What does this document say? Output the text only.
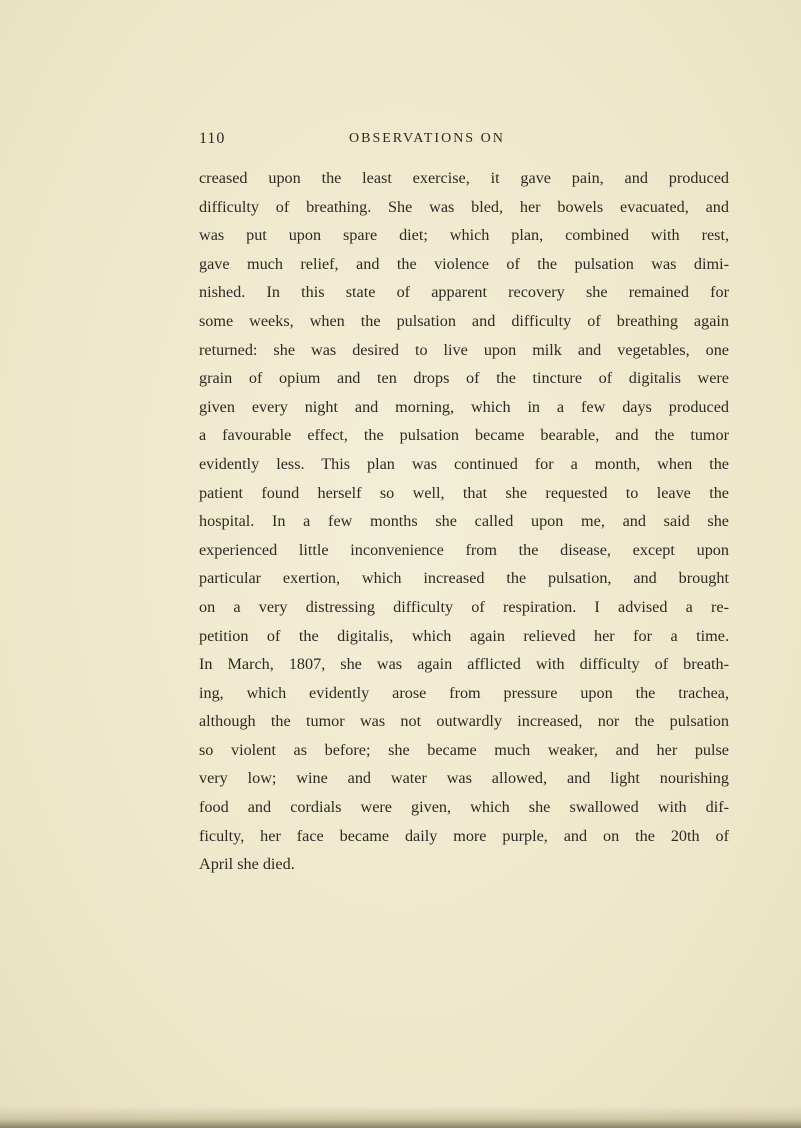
110	OBSERVATIONS ON
creased upon the least exercise, it gave pain, and produced
difficulty of breathing. She was bled, her bowels evacuated, and
was put upon spare diet; which plan, combined with rest,
gave much relief, and the violence of the pulsation was dimi-
nished. In this state of apparent recovery she remained for
some weeks, when the pulsation and difficulty of breathing again
returned: she was desired to live upon milk and vegetables, one
grain of opium and ten drops of the tincture of digitalis were
given every night and morning, which in a few days produced
a favourable effect, the pulsation became bearable, and the tumor
evidently less. This plan was continued for a month, when the
patient found herself so well, that she requested to leave the
hospital. In a few months she called upon me, and said she
experienced little inconvenience from the disease, except upon
particular exertion, which increased the pulsation, and brought
on a very distressing difficulty of respiration. I advised a re-
petition of the digitalis, which again relieved her for a time.
In March, 1807, she was again afflicted with difficulty of breath-
ing, which evidently arose from pressure upon the trachea,
although the tumor was not outwardly increased, nor the pulsation
so violent as before; she became much weaker, and her pulse
very low; wine and water was allowed, and light nourishing
food and cordials were given, which she swallowed with dif-
ficulty, her face became daily more purple, and on the 20th of
April she died.
